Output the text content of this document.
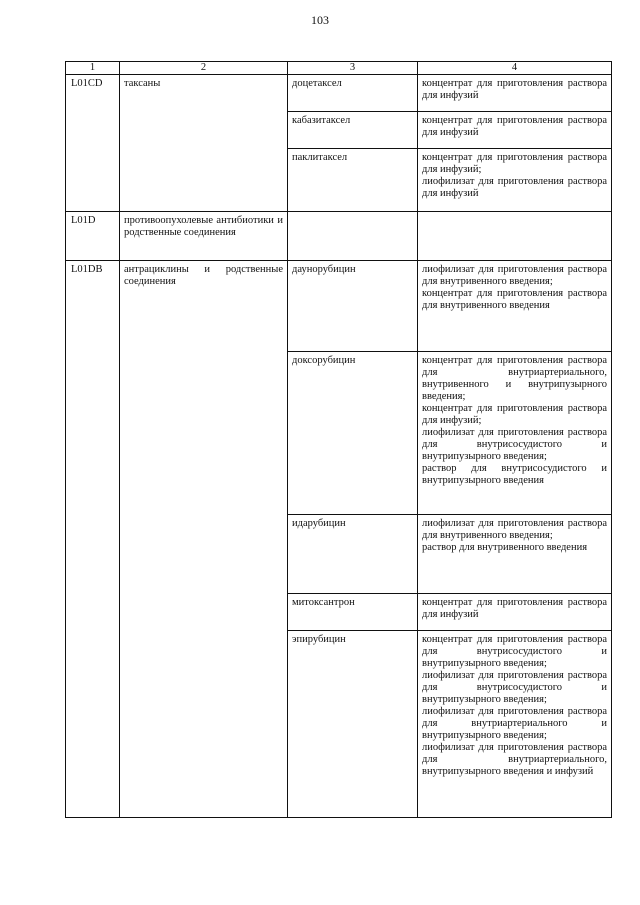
103
1	2	3	4
L01CD	таксаны	доцетаксел	концентрат для приготовления раствора для инфузий

		кабазитаксел	концентрат для приготовления раствора для инфузий

		паклитаксел	концентрат для приготовления раствора для инфузий;
лиофилизат для приготовления раствора для инфузий

L01D	противоопухолевые антибиотики и родственные соединения		
L01DB	антрациклины и родственные соединения	даунорубицин	лиофилизат для приготовления раствора для внутривенного введения;
концентрат для приготовления раствора для внутривенного введения

		доксорубицин	концентрат для приготовления раствора для внутриартериального, внутривенного и внутрипузырного введения;
концентрат для приготовления раствора для инфузий;
лиофилизат для приготовления раствора для внутрисосудистого и внутрипузырного введения;
раствор для внутрисосудистого и внутрипузырного введения

		идарубицин	лиофилизат для приготовления раствора для внутривенного введения;
раствор для внутривенного введения

		митоксантрон	концентрат для приготовления раствора для инфузий

		эпирубицин	концентрат для приготовления раствора для внутрисосудистого и внутрипузырного введения;
лиофилизат для приготовления раствора для внутрисосудистого и внутрипузырного введения;
лиофилизат для приготовления раствора для внутриартериального и внутрипузырного введения;
лиофилизат для приготовления раствора для внутриартериального, внутрипузырного введения и инфузий
